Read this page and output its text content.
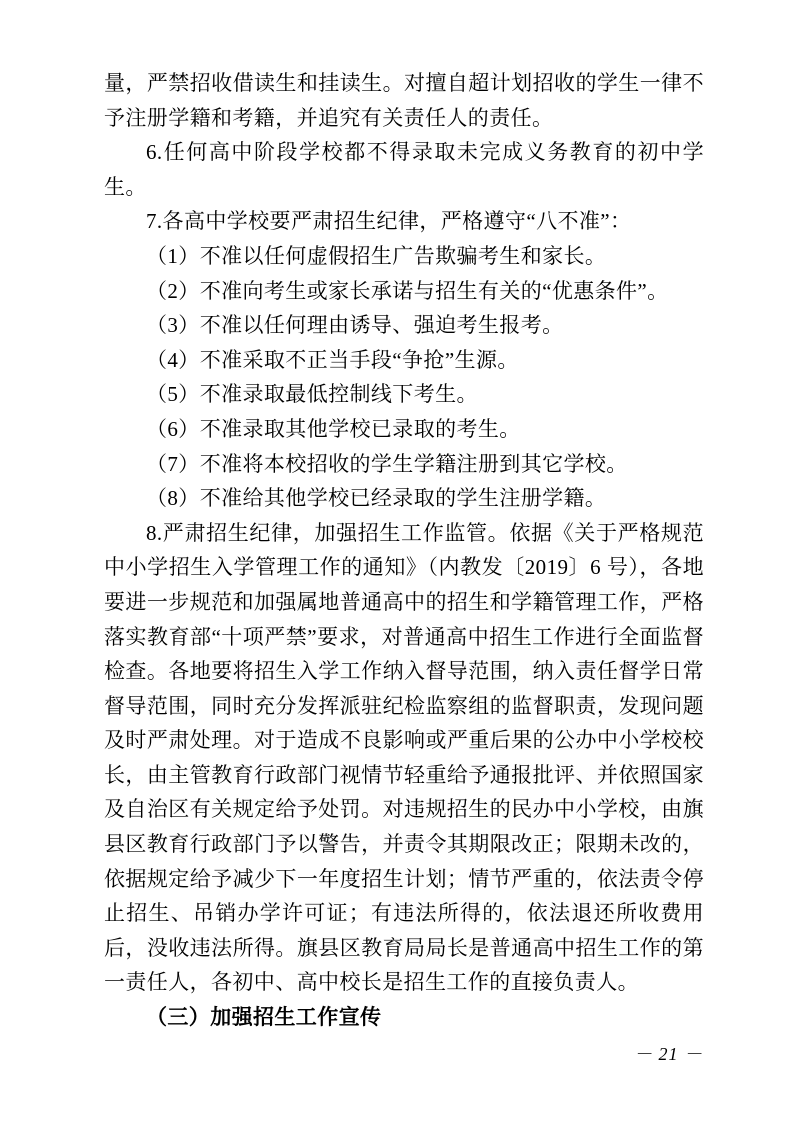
量，严禁招收借读生和挂读生。对擅自超计划招收的学生一律不予注册学籍和考籍，并追究有关责任人的责任。

6.任何高中阶段学校都不得录取未完成义务教育的初中学生。

7.各高中学校要严肃招生纪律，严格遵守“八不准”：

（1）不准以任何虚假招生广告欺骗考生和家长。

（2）不准向考生或家长承诺与招生有关的“优惠条件”。

（3）不准以任何理由诱导、强迫考生报考。

（4）不准采取不正当手段“争抢”生源。

（5）不准录取最低控制线下考生。

（6）不准录取其他学校已录取的考生。

（7）不准将本校招收的学生学籍注册到其它学校。

（8）不准给其他学校已经录取的学生注册学籍。

8.严肃招生纪律，加强招生工作监管。依据《关于严格规范中小学招生入学管理工作的通知》（内教发〔2019〕6 号），各地要进一步规范和加强属地普通高中的招生和学籍管理工作，严格落实教育部“十项严禁”要求，对普通高中招生工作进行全面监督检查。各地要将招生入学工作纳入督导范围，纳入责任督学日常督导范围，同时充分发挥派驻纪检监察组的监督职责，发现问题及时严肃处理。对于造成不良影响或严重后果的公办中小学校校长，由主管教育行政部门视情节轻重给予通报批评、并依照国家及自治区有关规定给予处罚。对违规招生的民办中小学校，由旗县区教育行政部门予以警告，并责令其期限改正；限期未改的，依据规定给予减少下一年度招生计划；情节严重的，依法责令停止招生、吊销办学许可证；有违法所得的，依法退还所收费用后，没收违法所得。旗县区教育局局长是普通高中招生工作的第一责任人，各初中、高中校长是招生工作的直接负责人。

（三）加强招生工作宣传

－ 21 －
